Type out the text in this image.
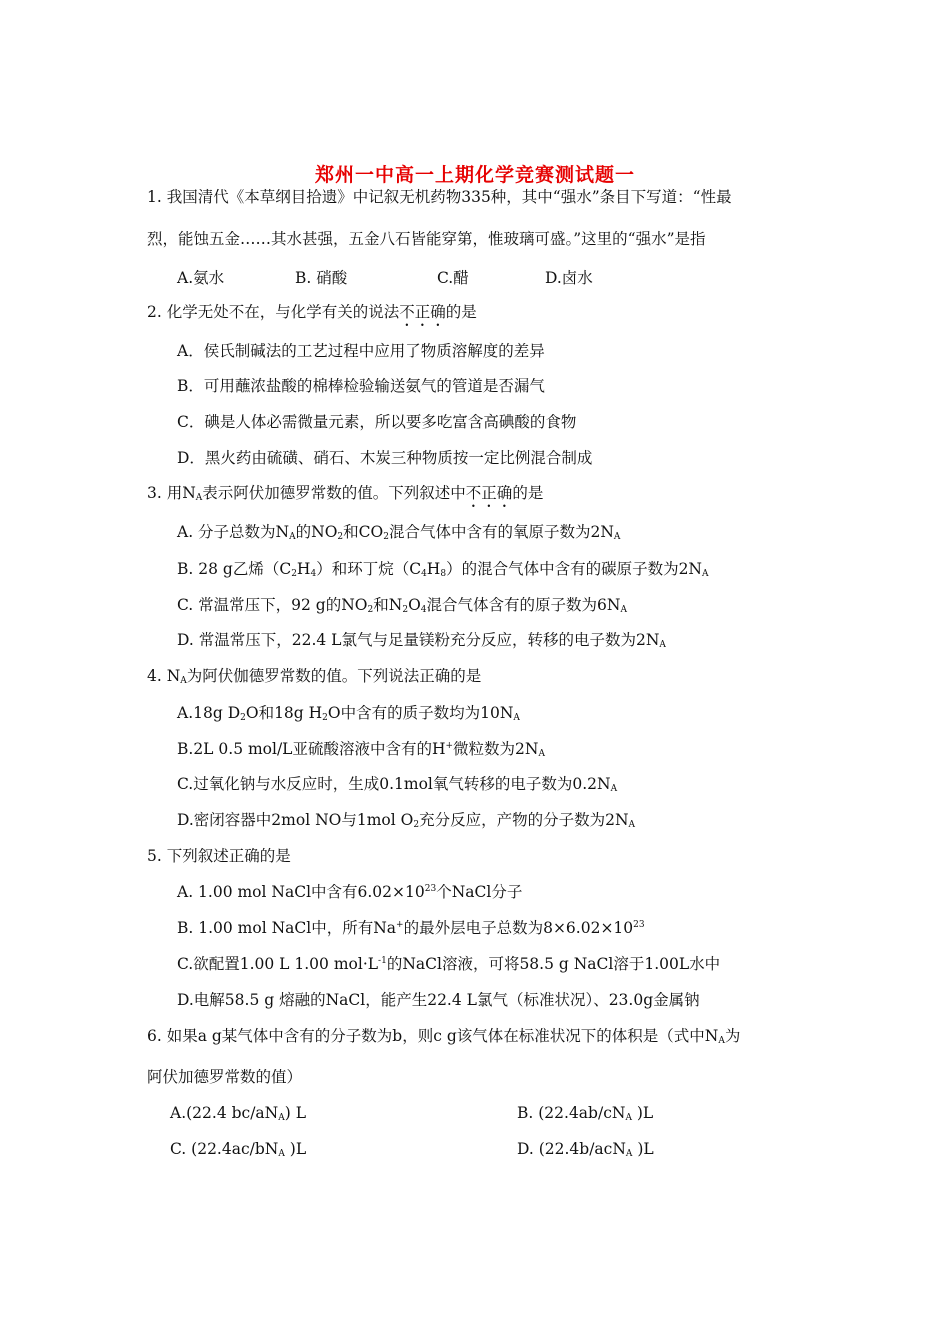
郑州一中高一上期化学竞赛测试题一
1. 我国清代《本草纲目拾遗》中记叙无机药物335种，其中“强水”条目下写道：“性最
烈，能蚀五金……其水甚强，五金八石皆能穿第，惟玻璃可盛。”这里的“强水”是指
A.氨水	B. 硝酸	C.醋	D.卤水
2. 化学无处不在，与化学有关的说法不正确的是
A．侯氏制碱法的工艺过程中应用了物质溶解度的差异
B．可用蘸浓盐酸的棉棒检验输送氨气的管道是否漏气
C．碘是人体必需微量元素，所以要多吃富含高碘酸的食物
D．黑火药由硫磺、硝石、木炭三种物质按一定比例混合制成
3. 用$N_A$表示阿伏加德罗常数的值。下列叙述中不正确的是
A. 分子总数为$N_A$的$NO_2$和$CO_2$混合气体中含有的氧原子数为$2N_A$
B. 28 g乙烯$(C_2H_4)$和环丁烷$(C_4H_8)$的混合气体中含有的碳原子数为$2N_A$
C. 常温常压下，92 g的$NO_2$和$N_2O_4$混合气体含有的原子数为$6N_A$
D. 常温常压下，22.4 L氯气与足量镁粉充分反应，转移的电子数为$2N_A$
4. $N_A$为阿伏伽德罗常数的值。下列说法正确的是
A.18g $D_2O$和18g $H_2O$中含有的质子数均为$10N_A$
B.2L 0.5 mol/L亚硫酸溶液中含有的H+微粒数为$2N_A$
C.过氧化钠与水反应时，生成0.1mol氧气转移的电子数为$0.2N_A$
D.密闭容器中2mol NO与1mol $O_2$充分反应，产物的分子数为$2N_A$
5. 下列叙述正确的是
A. 1.00 mol NaCl中含有$6.02\times 10^{23}$个NaCl分子
B. 1.00 mol NaCl中，所有Na+的最外层电子总数为$8\times 6.02\times 10^{23}$
C.欲配置1.00 L 1.00 $mol\cdot L^{-1}$的NaCl溶液，可将58.5 g NaCl溶于1.00L水中
D.电解58.5 g 熔融的NaCl，能产生22.4 L氯气（标准状况）、23.0g金属钠
6. 如果a g某气体中含有的分子数为b，则c g该气体在标准状况下的体积是（式中$N_A$为
阿伏加德罗常数的值）
A.(22.4 $bc/aN_A$) L	B. ($22.4ab/cN_A$ )L
C. ($22.4ac/bN_A$ )L	D. (22.4b/acN$_A$ )L
